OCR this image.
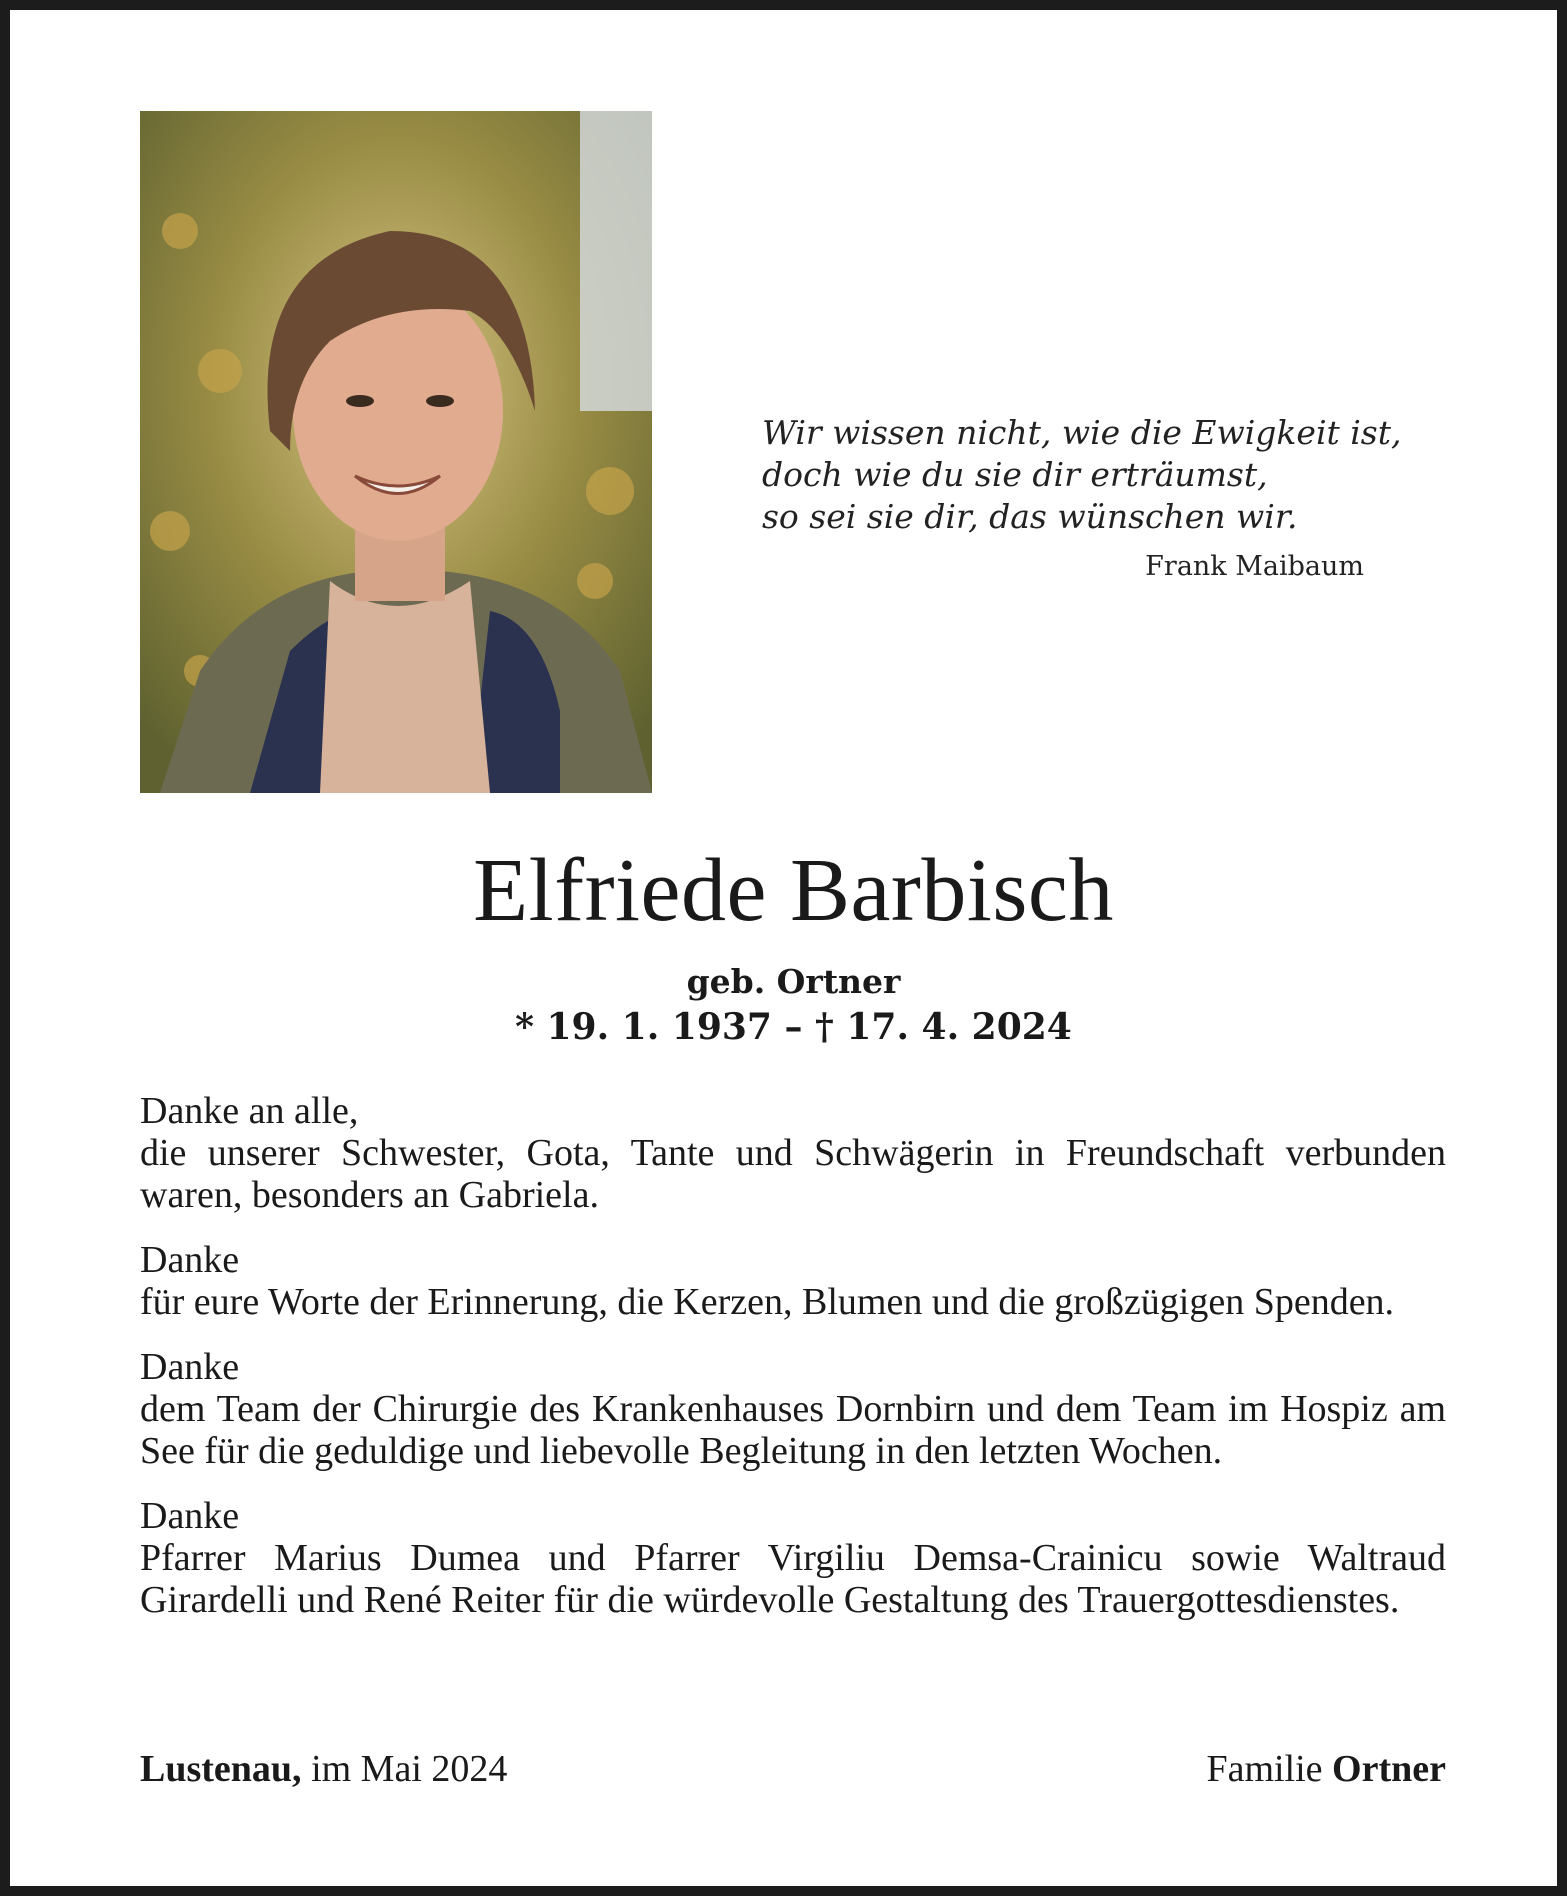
Wir wissen nicht, wie die Ewigkeit ist,
doch wie du sie dir erträumst,
so sei sie dir, das wünschen wir.
Frank Maibaum
Elfriede Barbisch
geb. Ortner
* 19. 1. 1937 – † 17. 4. 2024

Danke an alle,
die unserer Schwester, Gota, Tante und Schwägerin in Freundschaft verbunden waren, besonders an Gabriela.

Danke
für eure Worte der Erinnerung, die Kerzen, Blumen und die großzügigen Spenden.

Danke
dem Team der Chirurgie des Krankenhauses Dornbirn und dem Team im Hospiz am See für die geduldige und liebevolle Begleitung in den letzten Wochen.

Danke
Pfarrer Marius Dumea und Pfarrer Virgiliu Demsa-Crainicu sowie Waltraud Girardelli und René Reiter für die würdevolle Gestaltung des Trauergottesdienstes.

Lustenau, im Mai 2024	Familie Ortner
